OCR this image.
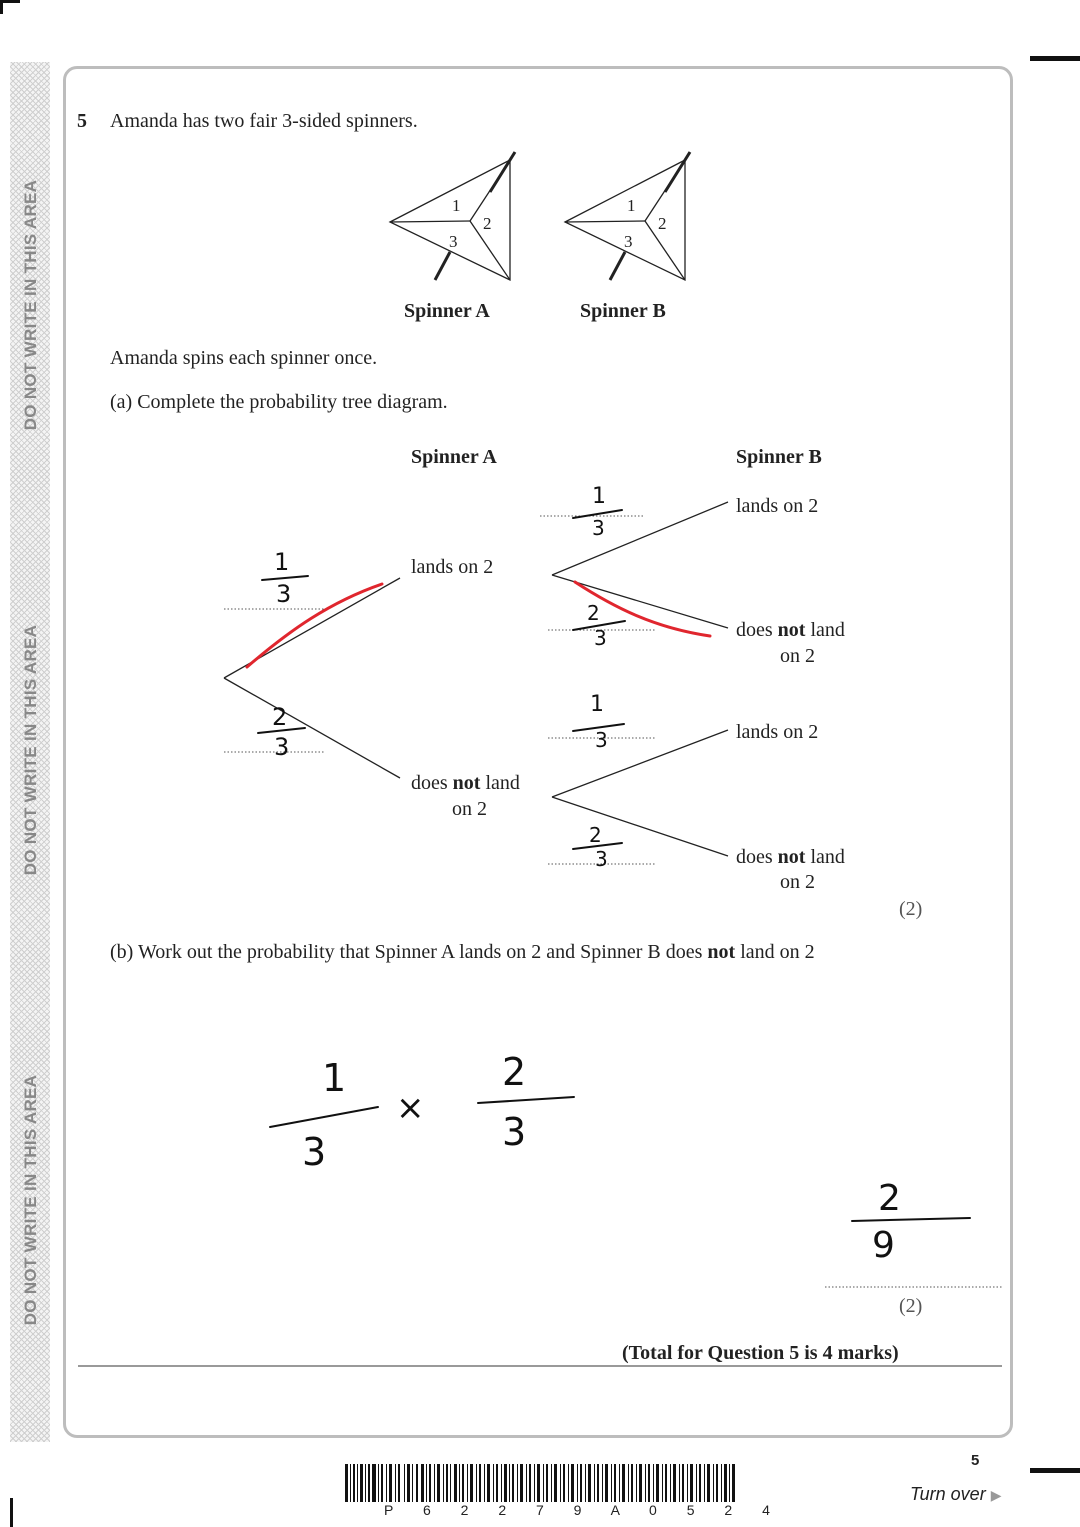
DO NOT WRITE IN THIS AREA
DO NOT WRITE IN THIS AREA
DO NOT WRITE IN THIS AREA
5 Amanda has two fair 3-sided spinners.
1
2
3
1
2
3
Spinner A	Spinner B
Amanda spins each spinner once.
(a) Complete the probability tree diagram.
Spinner A	Spinner B
lands on 2
does not land
on 2
lands on 2
does not land
on 2
lands on 2
does not land
on 2
(2)
1
3
2
3
1
3
2
3
1
3
2
3
(b) Work out the probability that Spinner A lands on 2 and Spinner B does not land on 2
1
3
×
2
3
2
9
(2)
(Total for Question 5 is 4 marks)
P 6 2 2 7 9 A 0 5 2 4
5
Turn over ▶
